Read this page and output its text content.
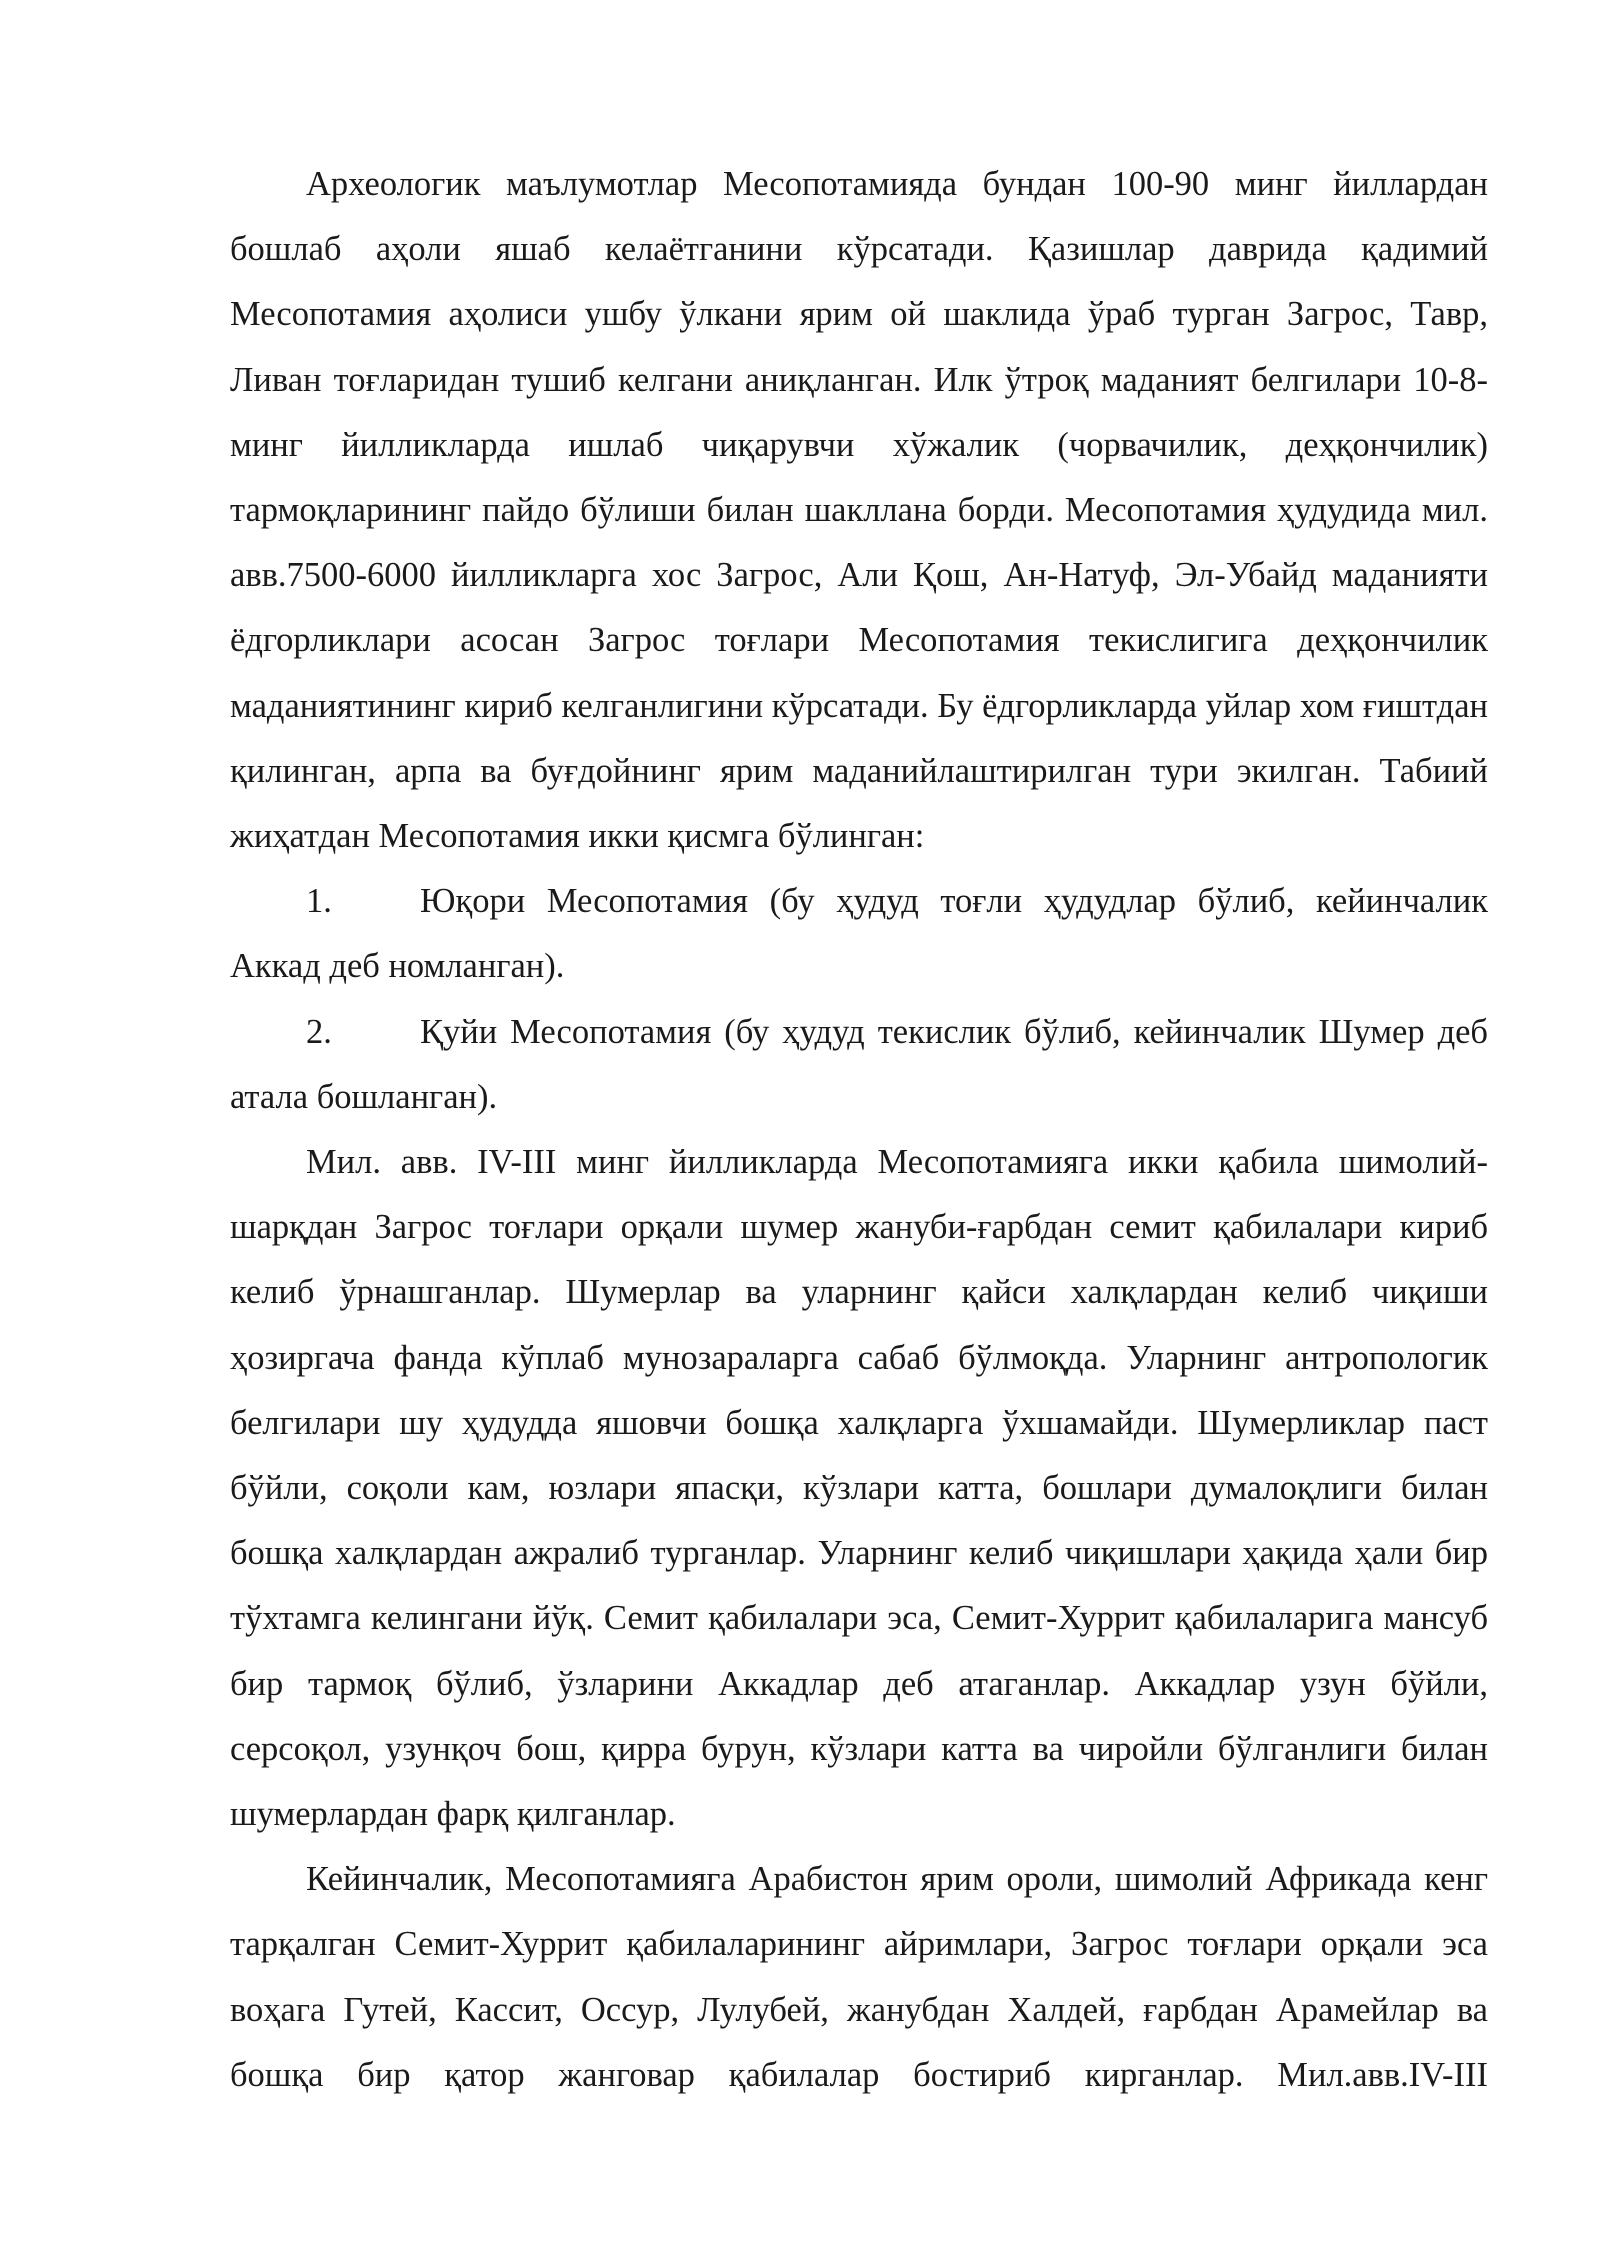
Археологик маълумотлар Месопотамияда бундан 100-90 минг йиллардан бошлаб аҳоли яшаб келаётганини кўрсатади. Қазишлар даврида қадимий Месопотамия аҳолиси ушбу ўлкани ярим ой шаклида ўраб турган Загрос, Тавр, Ливан тоғларидан тушиб келгани аниқланган. Илк ўтроқ маданият белгилари 10-8-минг йилликларда ишлаб чиқарувчи хўжалик (чорвачилик, деҳқончилик) тармоқларининг пайдо бўлиши билан шакллана борди. Месопотамия ҳудудида мил. авв.7500-6000 йилликларга хос Загрос, Али Қош, Ан-Натуф, Эл-Убайд маданияти ёдгорликлари асосан Загрос тоғлари Месопотамия текислигига деҳқончилик маданиятининг кириб келганлигини кўрсатади. Бу ёдгорликларда уйлар хом ғиштдан қилинган, арпа ва буғдойнинг ярим маданийлаштирилган тури экилган. Табиий жиҳатдан Месопотамия икки қисмга бўлинган:

1.	Юқори Месопотамия (бу ҳудуд тоғли ҳудудлар бўлиб, кейинчалик Аккад деб номланган).

2.	Қуйи Месопотамия (бу ҳудуд текислик бўлиб, кейинчалик Шумер деб атала бошланган).

Мил. авв. IV-III минг йилликларда Месопотамияга икки қабила шимолий-шарқдан Загрос тоғлари орқали шумер жануби-ғарбдан семит қабилалари кириб келиб ўрнашганлар. Шумерлар ва уларнинг қайси халқлардан келиб чиқиши ҳозиргача фанда кўплаб мунозараларга сабаб бўлмоқда. Уларнинг антропологик белгилари шу ҳудудда яшовчи бошқа халқларга ўхшамайди. Шумерликлар паст бўйли, соқоли кам, юзлари япасқи, кўзлари катта, бошлари думалоқлиги билан бошқа халқлардан ажралиб турганлар. Уларнинг келиб чиқишлари ҳақида ҳали бир тўхтамга келингани йўқ. Семит қабилалари эса, Семит-Хуррит қабилаларига мансуб бир тармоқ бўлиб, ўзларини Аккадлар деб атаганлар. Аккадлар узун бўйли, серсоқол, узунқоч бош, қирра бурун, кўзлари катта ва чиройли бўлганлиги билан шумерлардан фарқ қилганлар.

Кейинчалик, Месопотамияга Арабистон ярим ороли, шимолий Африкада кенг тарқалган Семит-Хуррит қабилаларининг айримлари, Загрос тоғлари орқали эса воҳага Гутей, Кассит, Оссур, Лулубей, жанубдан Халдей, ғарбдан Арамейлар ва бошқа бир қатор жанговар қабилалар бостириб кирганлар. Мил.авв.IV-III
